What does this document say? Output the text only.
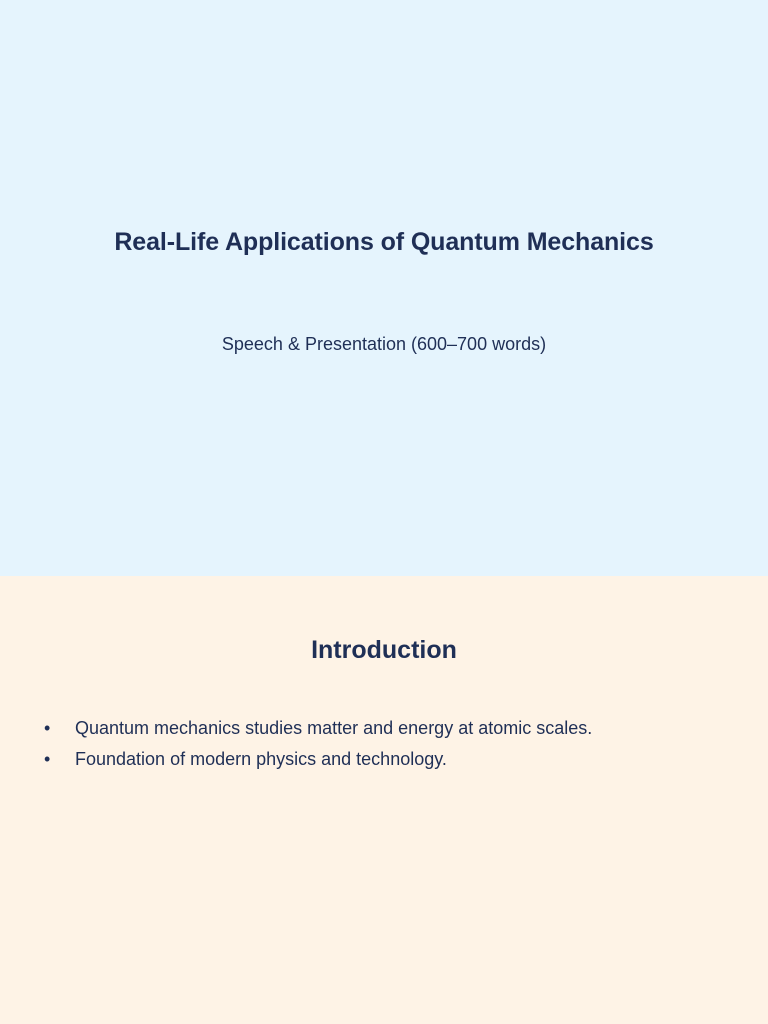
Real-Life Applications of Quantum Mechanics
Speech & Presentation (600–700 words)
Introduction
• Quantum mechanics studies matter and energy at atomic scales.
• Foundation of modern physics and technology.
